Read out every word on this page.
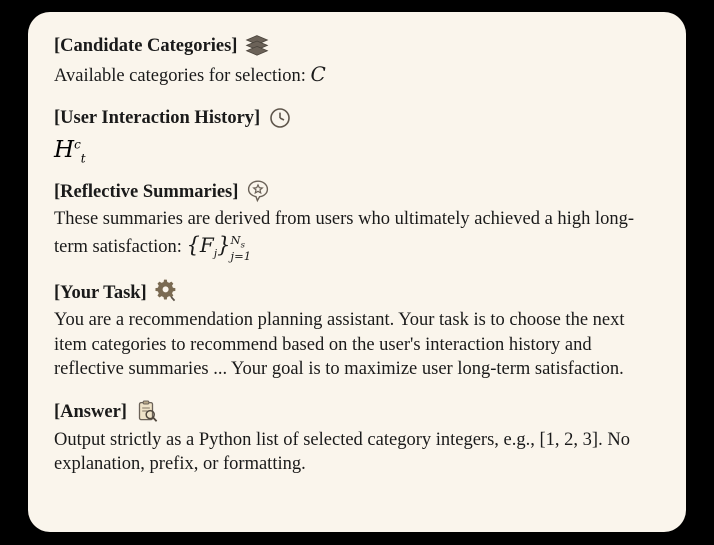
[Candidate Categories]
Available categories for selection: C
[User Interaction History]
$H^c_t$
[Reflective Summaries]
These summaries are derived from users who ultimately achieved a high long-term satisfaction: $\{F_j\}$ $N_s$
j=1
[Your Task]
You are a recommendation planning assistant. Your task is to choose the next item categories to recommend based on the user's interaction history and reflective summaries ... Your goal is to maximize user long-term satisfaction.
[Answer]
Output strictly as a Python list of selected category integers, e.g., [1, 2, 3]. No explanation, prefix, or formatting.
